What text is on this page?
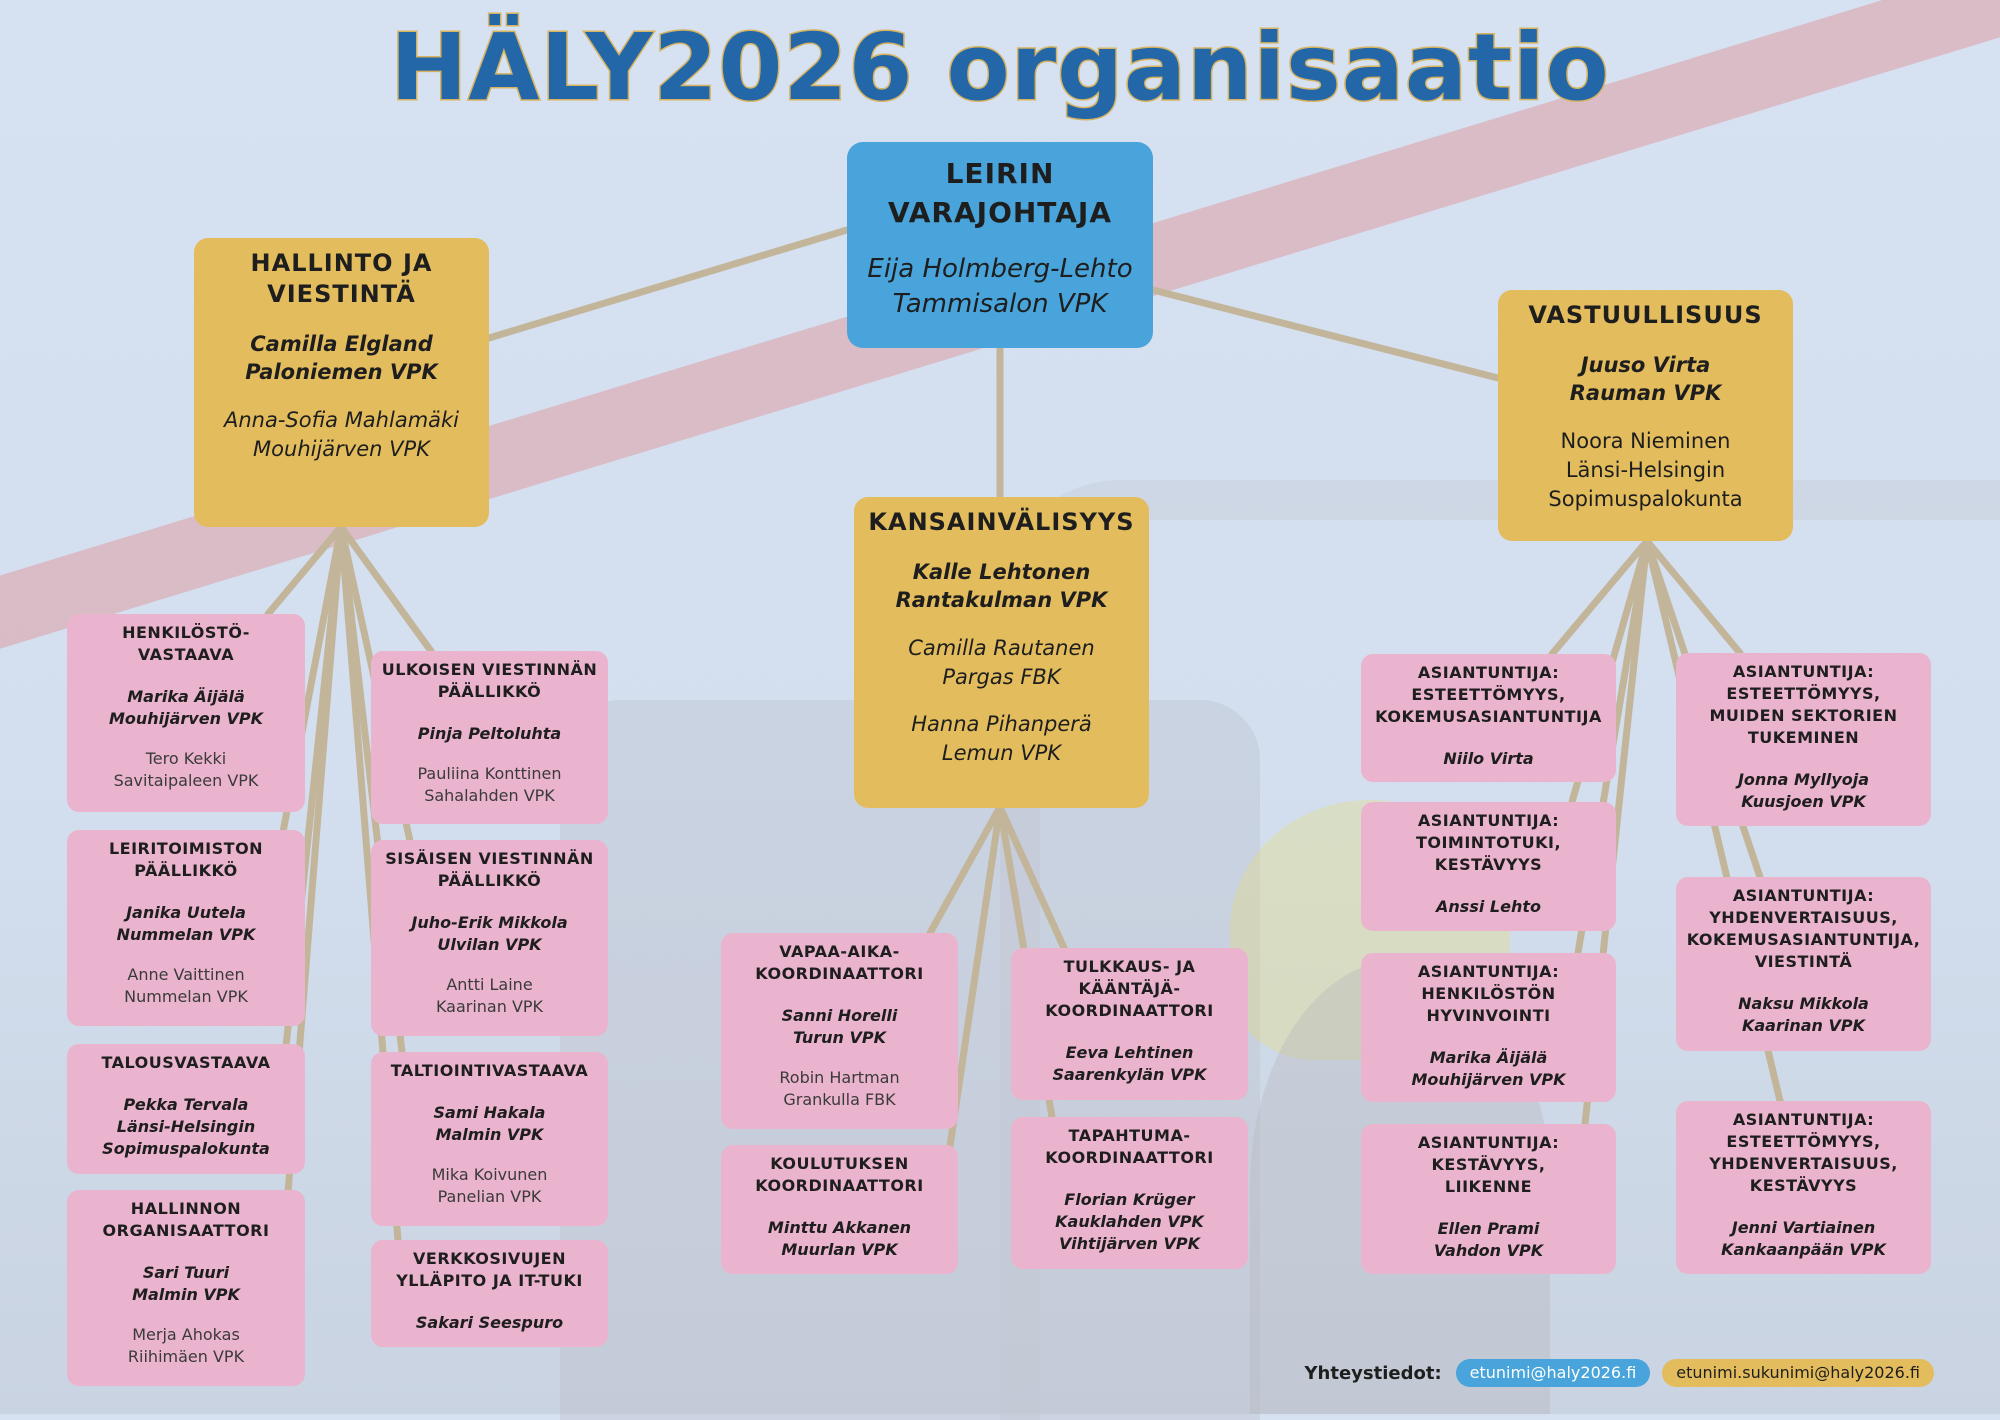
HÄLY2026 organisaatio
LEIRIN
VARAJOHTAJA
Eija Holmberg-Lehto
Tammisalon VPK
HALLINTO JA
VIESTINTÄ
Camilla Elgland
Paloniemen VPK
Anna-Sofia Mahlamäki
Mouhijärven VPK
KANSAINVÄLISYYS
Kalle Lehtonen
Rantakulman VPK
Camilla Rautanen
Pargas FBK
Hanna Pihanperä
Lemun VPK
VASTUULLISUUS
Juuso Virta
Rauman VPK
Noora Nieminen
Länsi-Helsingin
Sopimuspalokunta
HENKILÖSTÖ-
VASTAAVA
Marika Äijälä
Mouhijärven VPK
Tero Kekki
Savitaipaleen VPK
LEIRITOIMISTON
PÄÄLLIKKÖ
Janika Uutela
Nummelan VPK
Anne Vaittinen
Nummelan VPK
TALOUSVASTAAVA
Pekka Tervala
Länsi-Helsingin
Sopimuspalokunta
HALLINNON
ORGANISAATTORI
Sari Tuuri
Malmin VPK
Merja Ahokas
Riihimäen VPK
ULKOISEN VIESTINNÄN
PÄÄLLIKKÖ
Pinja Peltoluhta
Pauliina Konttinen
Sahalahden VPK
SISÄISEN VIESTINNÄN
PÄÄLLIKKÖ
Juho-Erik Mikkola
Ulvilan VPK
Antti Laine
Kaarinan VPK
TALTIOINTIVASTAAVA
Sami Hakala
Malmin VPK
Mika Koivunen
Panelian VPK
VERKKOSIVUJEN
YLLÄPITO JA IT-TUKI
Sakari Seespuro
VAPAA-AIKA-
KOORDINAATTORI
Sanni Horelli
Turun VPK
Robin Hartman
Grankulla FBK
KOULUTUKSEN
KOORDINAATTORI
Minttu Akkanen
Muurlan VPK
TULKKAUS- JA
KÄÄNTÄJÄ-
KOORDINAATTORI
Eeva Lehtinen
Saarenkylän VPK
TAPAHTUMA-
KOORDINAATTORI
Florian Krüger
Kauklahden VPK
Vihtijärven VPK
ASIANTUNTIJA:
ESTEETTÖMYYS,
KOKEMUSASIANTUNTIJA
Niilo Virta
ASIANTUNTIJA:
TOIMINTOTUKI,
KESTÄVYYS
Anssi Lehto
ASIANTUNTIJA:
HENKILÖSTÖN
HYVINVOINTI
Marika Äijälä
Mouhijärven VPK
ASIANTUNTIJA:
KESTÄVYYS,
LIIKENNE
Ellen Prami
Vahdon VPK
ASIANTUNTIJA:
ESTEETTÖMYYS,
MUIDEN SEKTORIEN
TUKEMINEN
Jonna Myllyoja
Kuusjoen VPK
ASIANTUNTIJA:
YHDENVERTAISUUS,
KOKEMUSASIANTUNTIJA,
VIESTINTÄ
Naksu Mikkola
Kaarinan VPK
ASIANTUNTIJA:
ESTEETTÖMYYS,
YHDENVERTAISUUS,
KESTÄVYYS
Jenni Vartiainen
Kankaanpään VPK
Yhteystiedot:	etunimi@haly2026.fi	etunimi.sukunimi@haly2026.fi
